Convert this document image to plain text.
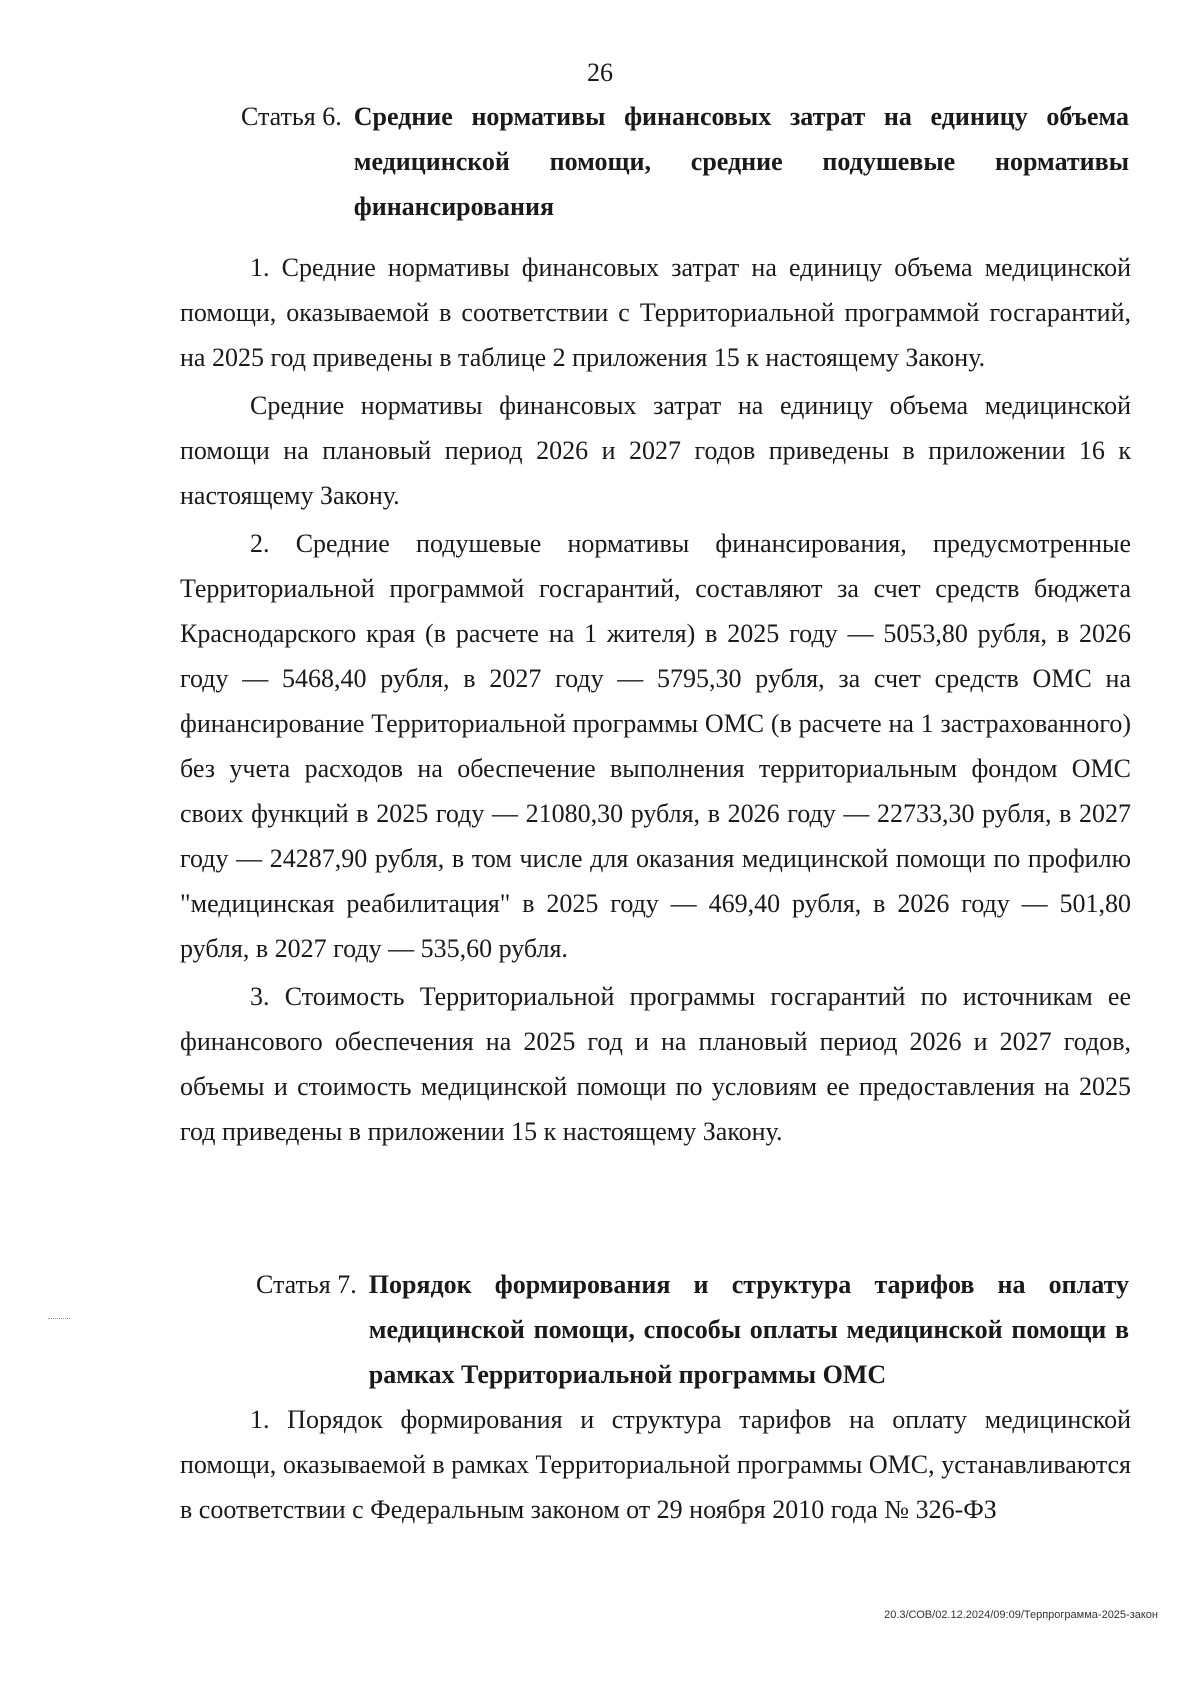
26
Статья 6. Средние нормативы финансовых затрат на единицу объема медицинской помощи, средние подушевые нормативы финансирования

1. Средние нормативы финансовых затрат на единицу объема медицинской помощи, оказываемой в соответствии с Территориальной программой госгарантий, на 2025 год приведены в таблице 2 приложения 15 к настоящему Закону.

Средние нормативы финансовых затрат на единицу объема медицинской помощи на плановый период 2026 и 2027 годов приведены в приложении 16 к настоящему Закону.

2. Средние подушевые нормативы финансирования, предусмотренные Территориальной программой госгарантий, составляют за счет средств бюджета Краснодарского края (в расчете на 1 жителя) в 2025 году — 5053,80 рубля, в 2026 году — 5468,40 рубля, в 2027 году — 5795,30 рубля, за счет средств ОМС на финансирование Территориальной программы ОМС (в расчете на 1 застрахованного) без учета расходов на обеспечение выполнения территориальным фондом ОМС своих функций в 2025 году — 21080,30 рубля, в 2026 году — 22733,30 рубля, в 2027 году — 24287,90 рубля, в том числе для оказания медицинской помощи по профилю "медицинская реабилитация" в 2025 году — 469,40 рубля, в 2026 году — 501,80 рубля, в 2027 году — 535,60 рубля.

3. Стоимость Территориальной программы госгарантий по источникам ее финансового обеспечения на 2025 год и на плановый период 2026 и 2027 годов, объемы и стоимость медицинской помощи по условиям ее предоставления на 2025 год приведены в приложении 15 к настоящему Закону.

Статья 7. Порядок формирования и структура тарифов на оплату медицинской помощи, способы оплаты медицинской помощи в рамках Территориальной программы ОМС

1. Порядок формирования и структура тарифов на оплату медицинской помощи, оказываемой в рамках Территориальной программы ОМС, устанавливаются в соответствии с Федеральным законом от 29 ноября 2010 года № 326-ФЗ

20.3/СОВ/02.12.2024/09:09/Терпрограмма-2025-закон
